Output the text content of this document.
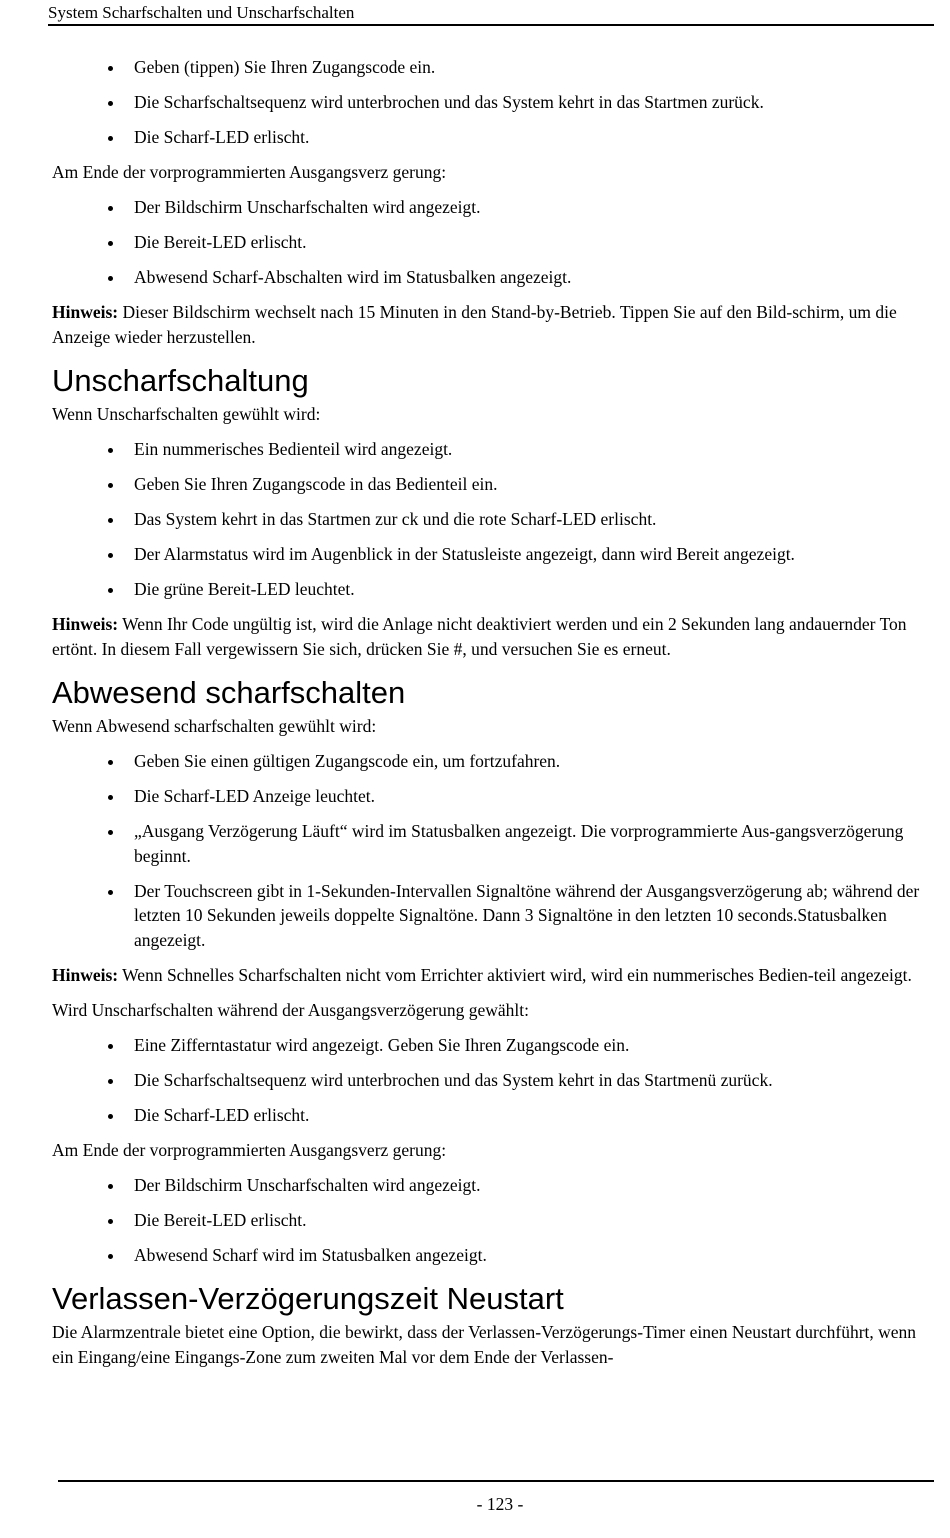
System Scharfschalten und Unscharfschalten
Geben (tippen) Sie Ihren Zugangscode ein.
Die Scharfschaltsequenz wird unterbrochen und das System kehrt in das Startmen zurück.
Die Scharf-LED erlischt.

Am Ende der vorprogrammierten Ausgangsverz gerung:

Der Bildschirm Unscharfschalten wird angezeigt.
Die Bereit-LED erlischt.
Abwesend Scharf-Abschalten wird im Statusbalken angezeigt.

Hinweis: Dieser Bildschirm wechselt nach 15 Minuten in den Stand-by-Betrieb. Tippen Sie auf den Bild-schirm, um die Anzeige wieder herzustellen.

Unscharfschaltung

Wenn Unscharfschalten gewühlt wird:

Ein nummerisches Bedienteil wird angezeigt.
Geben Sie Ihren Zugangscode in das Bedienteil ein.
Das System kehrt in das Startmen zur ck und die rote Scharf-LED erlischt.
Der Alarmstatus wird im Augenblick in der Statusleiste angezeigt, dann wird Bereit angezeigt.
Die grüne Bereit-LED leuchtet.

Hinweis: Wenn Ihr Code ungültig ist, wird die Anlage nicht deaktiviert werden und ein 2 Sekunden lang andauernder Ton ertönt. In diesem Fall vergewissern Sie sich, drücken Sie #, und versuchen Sie es erneut.

Abwesend scharfschalten

Wenn Abwesend scharfschalten gewühlt wird:

Geben Sie einen gültigen Zugangscode ein, um fortzufahren.
Die Scharf-LED Anzeige leuchtet.
„Ausgang Verzögerung Läuft“ wird im Statusbalken angezeigt. Die vorprogrammierte Aus-gangsverzögerung beginnt.
Der Touchscreen gibt in 1-Sekunden-Intervallen Signaltöne während der Ausgangsverzögerung ab; während der letzten 10 Sekunden jeweils doppelte Signaltöne. Dann 3 Signaltöne in den letzten 10 seconds.Statusbalken angezeigt.

Hinweis: Wenn Schnelles Scharfschalten nicht vom Errichter aktiviert wird, wird ein nummerisches Bedien-teil angezeigt.

Wird Unscharfschalten während der Ausgangsverzögerung gewählt:

Eine Zifferntastatur wird angezeigt. Geben Sie Ihren Zugangscode ein.
Die Scharfschaltsequenz wird unterbrochen und das System kehrt in das Startmenü zurück.
Die Scharf-LED erlischt.

Am Ende der vorprogrammierten Ausgangsverz gerung:

Der Bildschirm Unscharfschalten wird angezeigt.
Die Bereit-LED erlischt.
Abwesend Scharf wird im Statusbalken angezeigt.
Verlassen-Verzögerungszeit Neustart

Die Alarmzentrale bietet eine Option, die bewirkt, dass der Verlassen-Verzögerungs-Timer einen Neustart durchführt, wenn ein Eingang/eine Eingangs-Zone zum zweiten Mal vor dem Ende der Verlassen-

- 123 -
